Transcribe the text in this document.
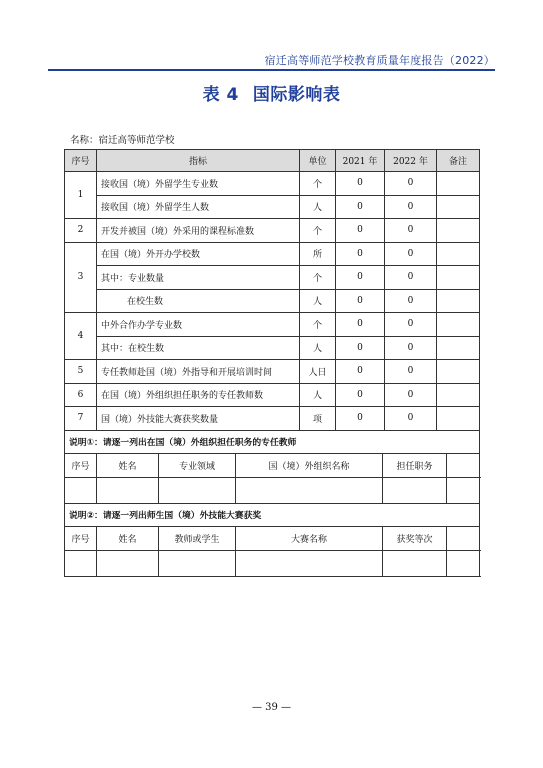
宿迁高等师范学校教育质量年度报告（2022）
表 4 国际影响表
名称：宿迁高等师范学校
序号	指标	单位	2021 年	2022 年	备注
1	接收国（境）外留学生专业数	个	0	0	
接收国（境）外留学生人数	人	0	0	
2	开发并被国（境）外采用的课程标准数	个	0	0	
3	在国（境）外开办学校数	所	0	0	
其中：专业数量	个	0	0	
在校生数	人	0	0	
4	中外合作办学专业数	个	0	0	
其中：在校生数	人	0	0	
5	专任教师赴国（境）外指导和开展培训时间	人日	0	0	
6	在国（境）外组织担任职务的专任教师数	人	0	0	
7	国（境）外技能大赛获奖数量	项	0	0	
说明①：请逐一列出在国（境）外组织担任职务的专任教师
序号		姓名	专业领域	国（境）外组织名称	担任职务	

说明②：请逐一列出师生国（境）外技能大赛获奖
序号		姓名	教师或学生	大赛名称	获奖等次	

— 39 —
